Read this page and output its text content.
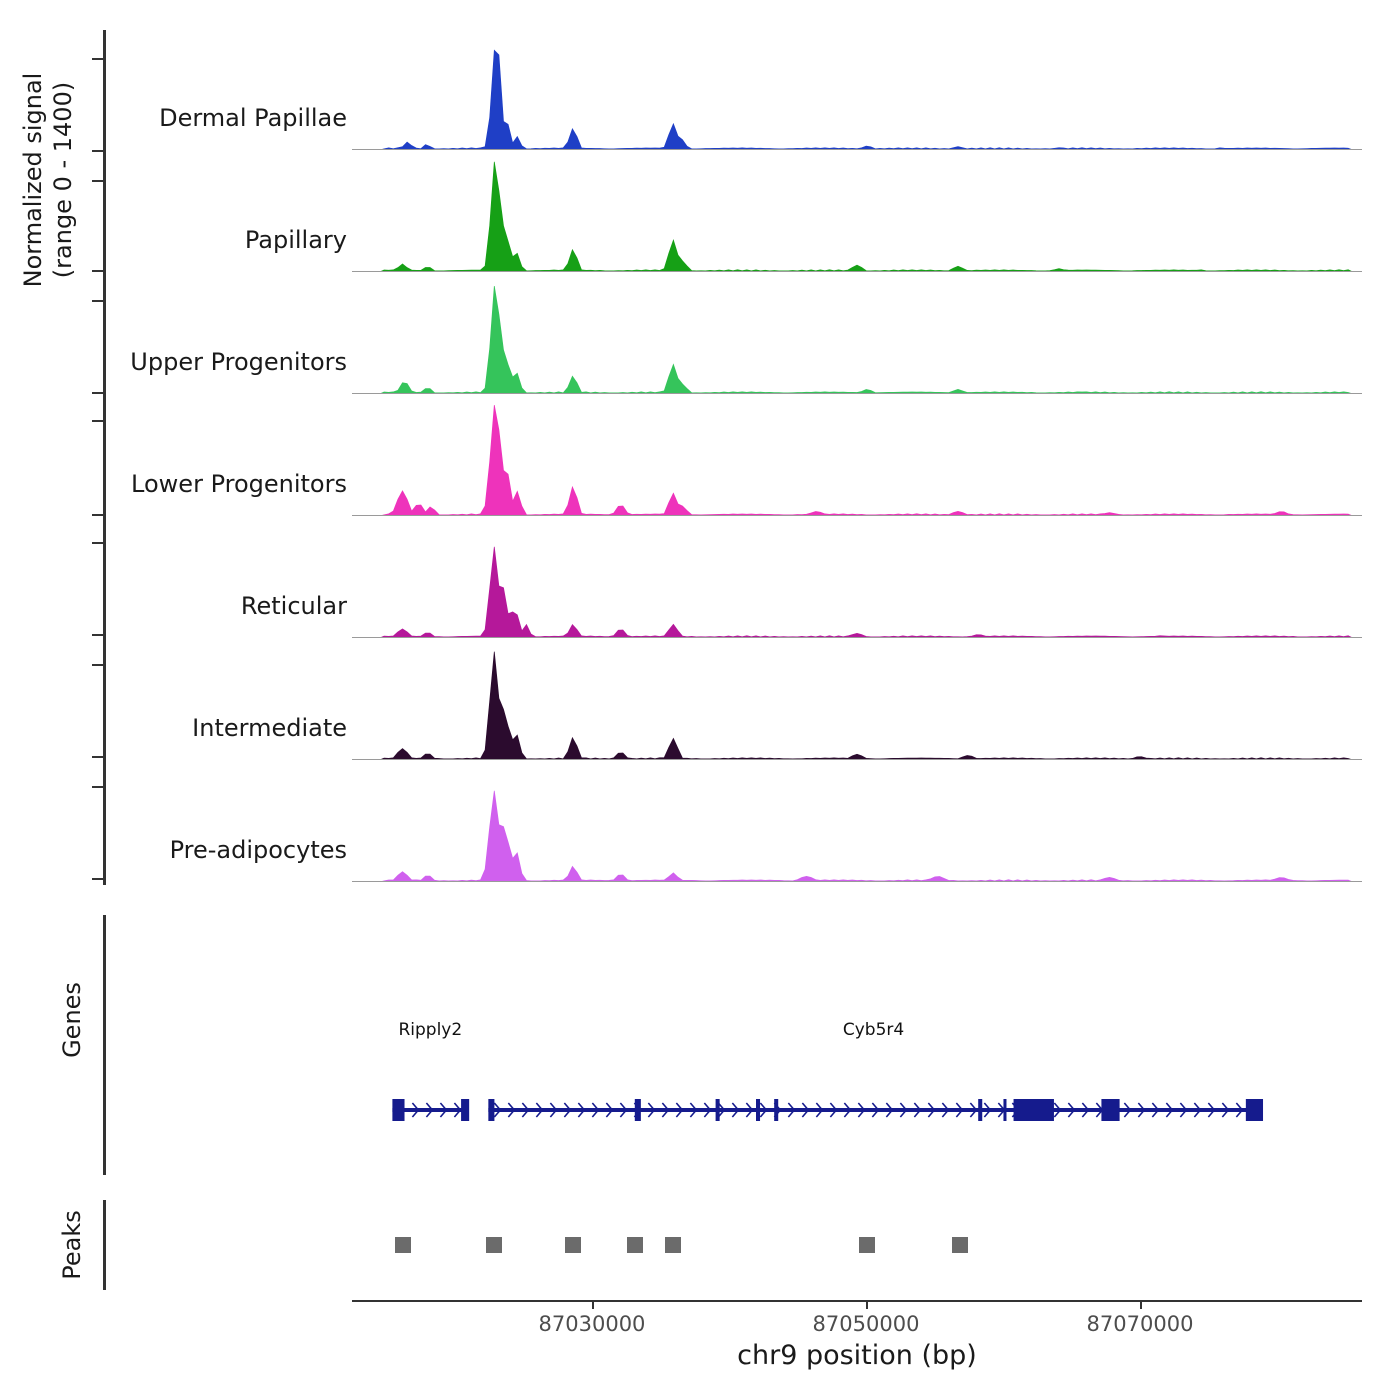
Normalized signal (range 0 - 1400)
Genes
Peaks
Dermal Papillae
Papillary
Upper Progenitors
Lower Progenitors
Reticular
Intermediate
Pre-adipocytes
Ripply2	Cyb5r4
87030000	87050000	87070000
chr9 position (bp)
